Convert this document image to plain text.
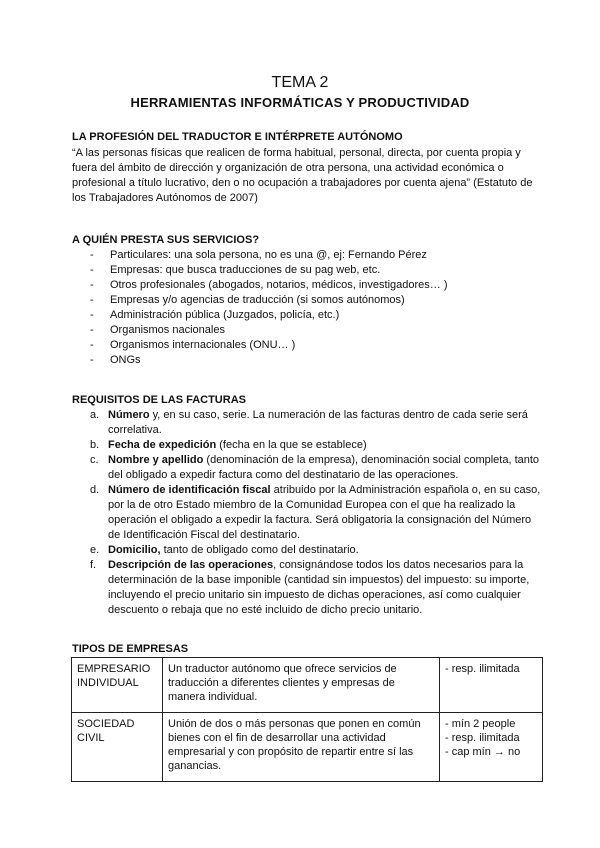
TEMA 2
HERRAMIENTAS INFORMÁTICAS Y PRODUCTIVIDAD
LA PROFESIÓN DEL TRADUCTOR E INTÉRPRETE AUTÓNOMO
“A las personas físicas que realicen de forma habitual, personal, directa, por cuenta propia y fuera del ámbito de dirección y organización de otra persona, una actividad económica o profesional a título lucrativo, den o no ocupación a trabajadores por cuenta ajena” (Estatuto de los Trabajadores Autónomos de 2007)
A QUIÉN PRESTA SUS SERVICIOS?
- Particulares: una sola persona, no es una @, ej: Fernando Pérez
- Empresas: que busca traducciones de su pag web, etc.
- Otros profesionales (abogados, notarios, médicos, investigadores… )
- Empresas y/o agencias de traducción (si somos autónomos)
- Administración pública (Juzgados, policía, etc.)
- Organismos nacionales
- Organismos internacionales (ONU… )
- ONGs
REQUISITOS DE LAS FACTURAS
a. Número y, en su caso, serie. La numeración de las facturas dentro de cada serie será correlativa.
b. Fecha de expedición (fecha en la que se establece)
c. Nombre y apellido (denominación de la empresa), denominación social completa, tanto del obligado a expedir factura como del destinatario de las operaciones.
d. Número de identificación fiscal atribuido por la Administración española o, en su caso, por la de otro Estado miembro de la Comunidad Europea con el que ha realizado la operación el obligado a expedir la factura. Será obligatoria la consignación del Número de Identificación Fiscal del destinatario.
e. Domicilio, tanto de obligado como del destinatario.
f. Descripción de las operaciones, consignándose todos los datos necesarios para la determinación de la base imponible (cantidad sin impuestos) del impuesto: su importe, incluyendo el precio unitario sin impuesto de dichas operaciones, así como cualquier descuento o rebaja que no esté incluido de dicho precio unitario.
TIPOS DE EMPRESAS
EMPRESARIO INDIVIDUAL	Un traductor autónomo que ofrece servicios de traducción a diferentes clientes y empresas de manera individual.	- resp. ilimitada

SOCIEDAD CIVIL	Unión de dos o más personas que ponen en común bienes con el fin de desarrollar una actividad empresarial y con propósito de repartir entre sí las ganancias.	- mín 2 people
- resp. ilimitada
- cap mín → no
